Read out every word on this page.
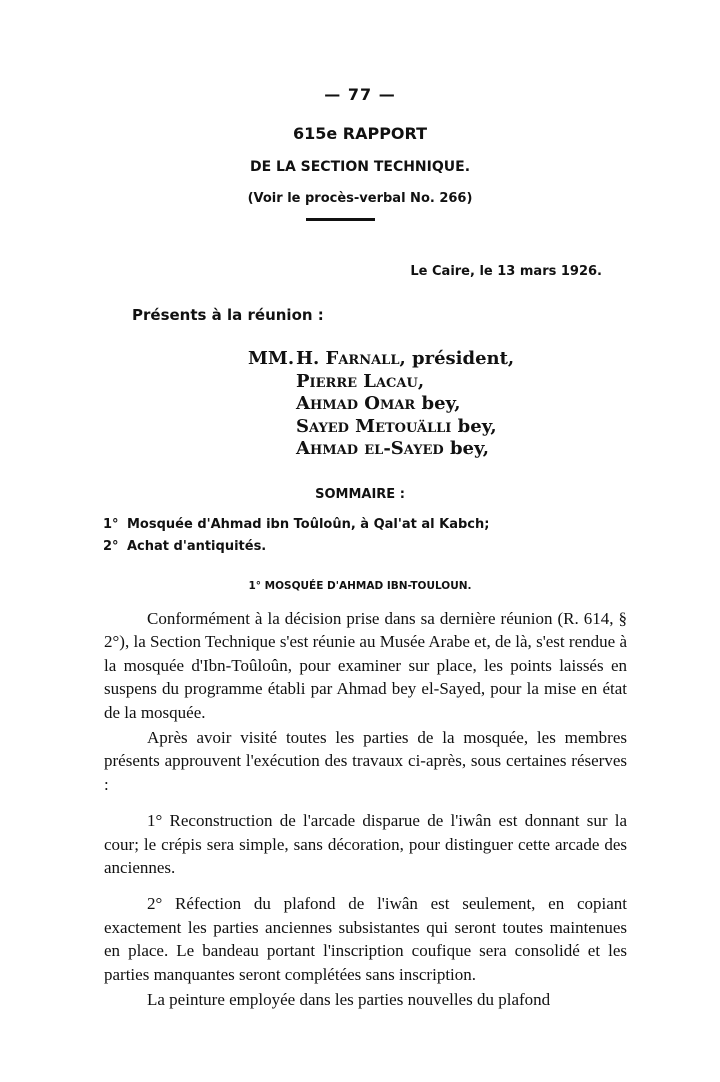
— 77 —
615e RAPPORT
DE LA SECTION TECHNIQUE.
(Voir le procès-verbal No. 266)
Le Caire, le 13 mars 1926.
Présents à la réunion :
MM. H. Farnall, président,
Pierre Lacau,
Ahmad Omar bey,
Sayed Metouälli bey,
Ahmad el-Sayed bey,
SOMMAIRE :
1° Mosquée d'Ahmad ibn Toûloûn, à Qal'at al Kabch;
2° Achat d'antiquités.
1° MOSQUÉE D'AHMAD IBN-TOULOUN.

Conformément à la décision prise dans sa dernière réunion (R. 614, § 2°), la Section Technique s'est réunie au Musée Arabe et, de là, s'est rendue à la mosquée d'Ibn-Toûloûn, pour examiner sur place, les points laissés en suspens du programme établi par Ahmad bey el-Sayed, pour la mise en état de la mosquée.

Après avoir visité toutes les parties de la mosquée, les membres présents approuvent l'exécution des travaux ci-après, sous certaines réserves :

1° Reconstruction de l'arcade disparue de l'iwân est donnant sur la cour; le crépis sera simple, sans décoration, pour distinguer cette arcade des anciennes.

2° Réfection du plafond de l'iwân est seulement, en copiant exactement les parties anciennes subsistantes qui seront toutes maintenues en place. Le bandeau portant l'inscription coufique sera consolidé et les parties manquantes seront complétées sans inscription.

La peinture employée dans les parties nouvelles du plafond
